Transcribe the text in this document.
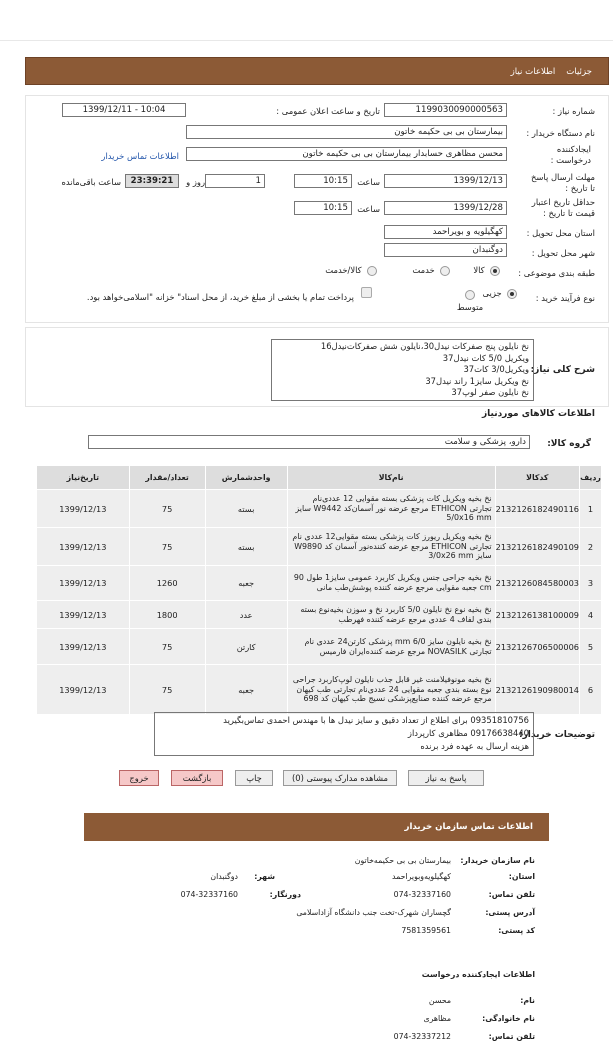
جزئیات    اطلاعات نیاز
شماره نیاز :
1199030090000563
تاریخ و ساعت اعلان عمومی :
1399/12/11 - 10:04
نام دستگاه خریدار :
بیمارستان بی بی حکیمه خاتون
ایجادکننده درخواست :
محسن مظاهری حسابدار بیمارستان بی بی حکیمه خاتون
اطلاعات تماس خریدار
مهلت ارسال پاسخ تا تاریخ :
1399/12/13
ساعت
10:15
1
روز و
23:39:21
ساعت باقی‌مانده
حداقل تاریخ اعتبار قیمت تا تاریخ :
1399/12/28
ساعت
10:15
استان محل تحویل :
کهگیلویه و بویراحمد
شهر محل تحویل :
دوگنبدان
طبقه بندی موضوعی :
کالا
خدمت
کالا/خدمت
نوع فرآیند خرید :
جزیی

متوسط
پرداخت تمام یا بخشی از مبلغ خرید، از محل اسناد" خزانه "اسلامی‌خواهد بود.
شرح کلی نیاز:
نخ نایلون پنج صفرکات نیدل30،نایلون شش صفرکات‌نیدل16
ویکریل 5/0 کات نیدل37
ویکریل3/0 کات37
نخ ویکریل سایز1 راند نیدل37
نخ نایلون صفر لوپ37
اطلاعات کالاهای موردنیاز
گروه کالا:
دارو، پزشکی و سلامت
ردیف	کدکالا	نام‌کالا	واحدشمارش	تعداد/مقدار	تاریخ‌نیاز
1	2132126182490116	نخ بخیه ویکریل کات پزشکی بسته مقوایی 12 عددی‌نام تجارتی ETHICON مرجع عرضه نور آسمان‌کد W9442 سایز 5/0x16 mm	بسته	75	1399/12/13
2	2132126182490109	نخ بخیه ویکریل ریورز کات پزشکی بسته مقوایی12 عددی نام تجارتی ETHICON مرجع عرضه کننده‌نور آسمان کد W9890 سایز 3/0x26 mm	بسته	75	1399/12/13
3	2132126084580003	نخ بخیه جراحی جنس ویکریل کاربرد عمومی سایز1 طول 90 cm جعبه مقوایی مرجع عرضه کننده پوشش‌طب مانی	جعبه	1260	1399/12/13
4	2132126138100009	نخ بخیه نوع نخ نایلون 5/0 کاربرد نخ و سوزن بخیه‌نوع بسته بندی لفاف 4 عددی مرجع عرضه کننده فهرطب	عدد	1800	1399/12/13
5	2132126706500006	نخ بخیه نایلون سایز 6/0 mm پزشکی کارتن24 عددی نام تجارتی NOVASILK مرجع عرضه کننده‌ایران فارمیس	کارتن	75	1399/12/13
6	2132126190980014	نخ بخیه مونوفیلامنت غیر قابل جذب نایلون لوپ‌کاربرد جراحی نوع بسته بندی جعبه مقوایی 24 عددی‌نام تجارتی طب کیهان مرجع عرضه کننده صنایع‌پزشکی نسیج طب کیهان کد 698	جعبه	75	1399/12/13
توضیحات خریدار:
09351810756 برای اطلاع از تعداد دقیق و سایز نیدل ها با مهندس احمدی تماس‌بگیرید
09176638440 مظاهری کارپرداز
هزینه ارسال به عهده فرد برنده
پاسخ به نیاز
مشاهده مدارک پیوستی (0)
چاپ
بازگشت
خروج
اطلاعات تماس سازمان خریدار
نام سازمان خریدار:
بیمارستان بی بی حکیمه‌خاتون
استان:
کهگیلویه‌وبویراحمد
شهر:
دوگنبدان
تلفن تماس:
074-32337160
دورنگار:
074-32337160
آدرس پستی:
گچساران شهرک-تخت جنب دانشگاه آزاداسلامی
کد پستی:
7581359561
اطلاعات ایجادکننده درخواست
نام:
محسن
نام خانوادگی:
مظاهری
تلفن تماس:
074-32337212
